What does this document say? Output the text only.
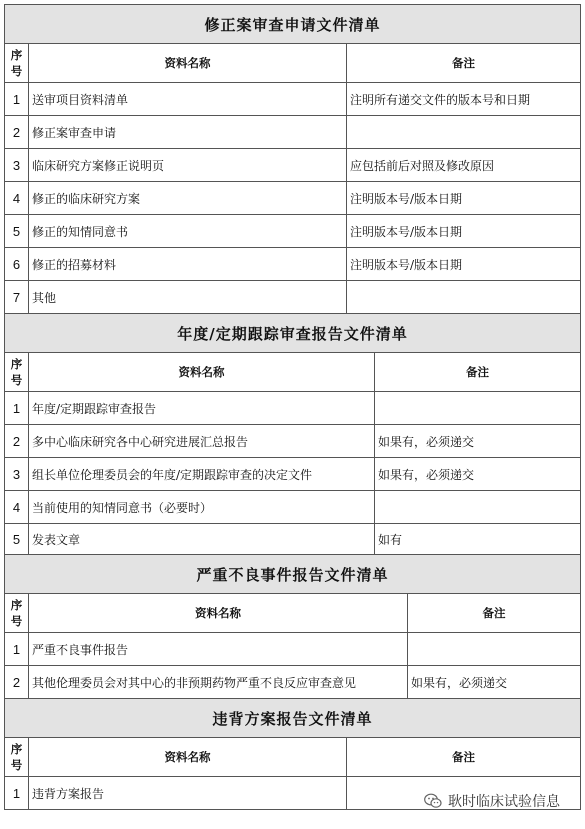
修正案审查申请文件清单		
序号	资料名称	备注
1	送审项目资料清单	注明所有递交文件的版本号和日期
2	修正案审查申请	
3	临床研究方案修正说明页	应包括前后对照及修改原因
4	修正的临床研究方案	注明版本号/版本日期
5	修正的知情同意书	注明版本号/版本日期
6	修正的招募材料	注明版本号/版本日期
7	其他	
年度/定期跟踪审查报告文件清单		
序号	资料名称	备注
1	年度/定期跟踪审查报告	
2	多中心临床研究各中心研究进展汇总报告	如果有，必须递交
3	组长单位伦理委员会的年度/定期跟踪审查的决定文件	如果有，必须递交
4	当前使用的知情同意书（必要时）	
5	发表文章	如有
严重不良事件报告文件清单		
序号	资料名称	备注
1	严重不良事件报告	
2	其他伦理委员会对其中心的非预期药物严重不良反应审查意见	如果有，必须递交
违背方案报告文件清单		
序号	资料名称	备注
1	违背方案报告	
耿时临床试验信息
